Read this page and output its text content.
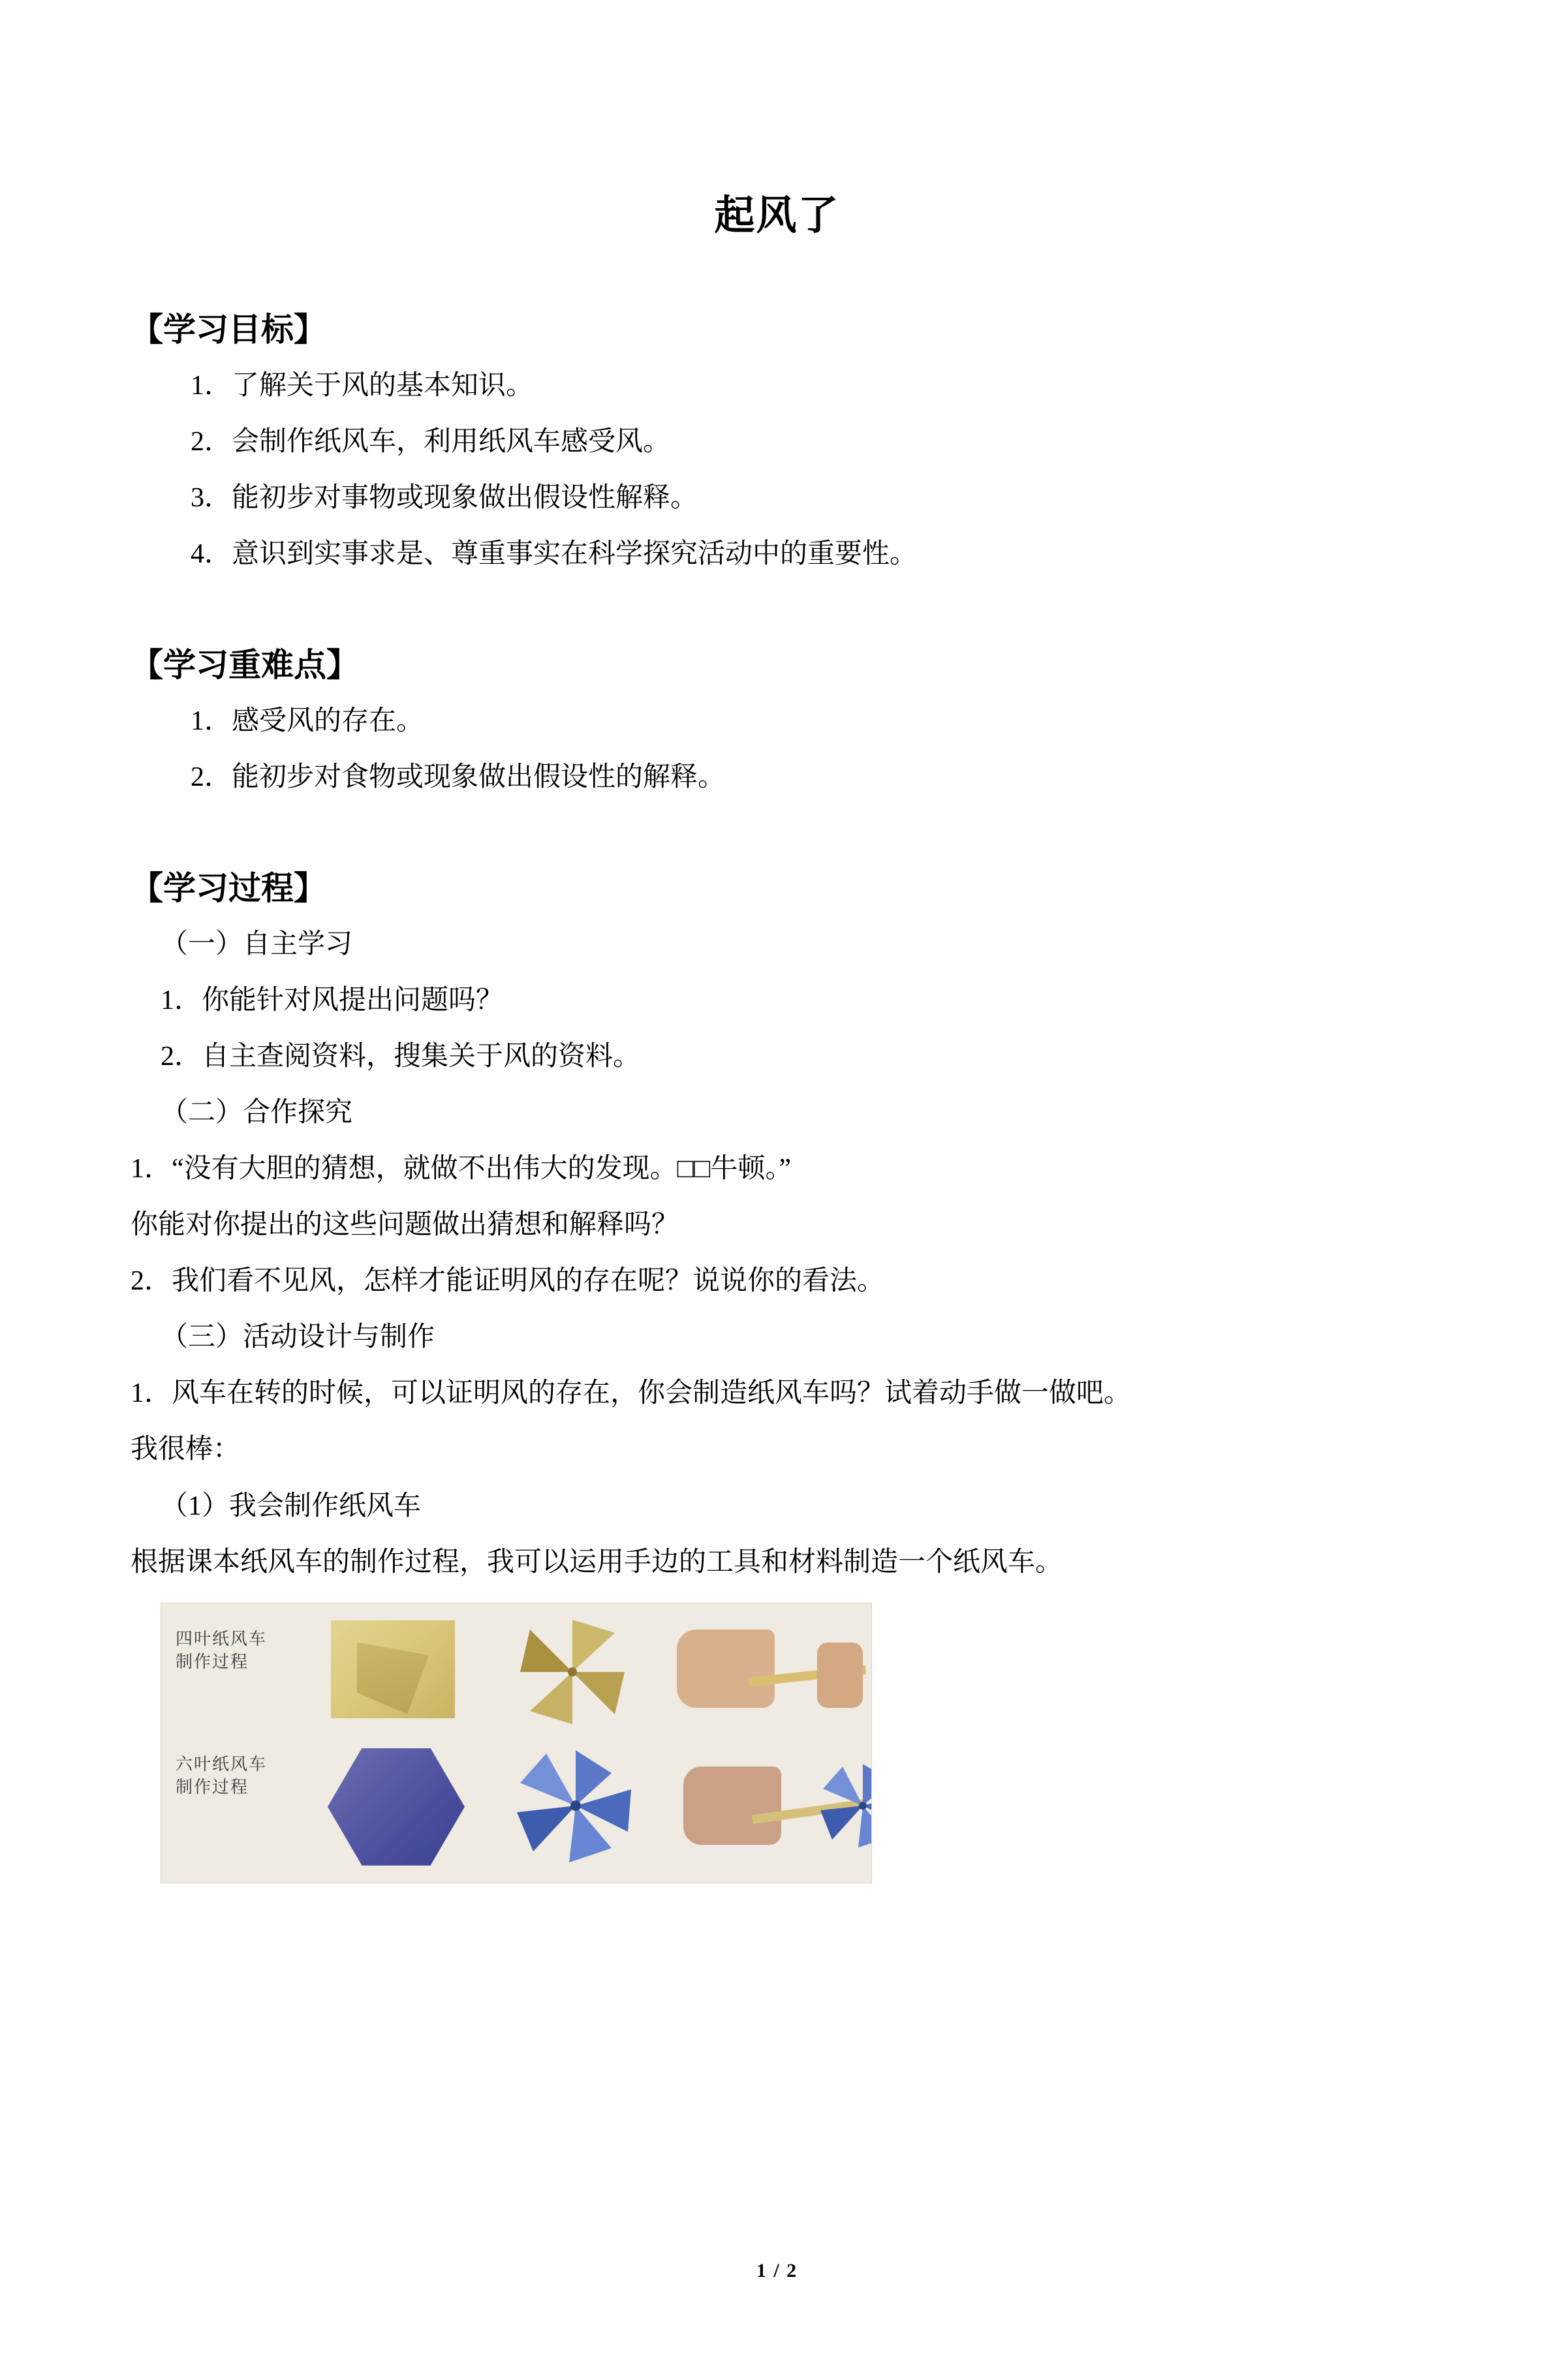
起风了
【学习目标】

1．了解关于风的基本知识。

2．会制作纸风车，利用纸风车感受风。

3．能初步对事物或现象做出假设性解释。

4．意识到实事求是、尊重事实在科学探究活动中的重要性。

【学习重难点】

1．感受风的存在。

2．能初步对食物或现象做出假设性的解释。

【学习过程】

（一）自主学习

1．你能针对风提出问题吗？

2．自主查阅资料，搜集关于风的资料。

（二）合作探究

1．“没有大胆的猜想，就做不出伟大的发现。□□牛顿。”

你能对你提出的这些问题做出猜想和解释吗？

2．我们看不见风，怎样才能证明风的存在呢？说说你的看法。

（三）活动设计与制作

1．风车在转的时候，可以证明风的存在，你会制造纸风车吗？试着动手做一做吧。

我很棒：

（1）我会制作纸风车

根据课本纸风车的制作过程，我可以运用手边的工具和材料制造一个纸风车。

四叶纸风车
制作过程
六叶纸风车
制作过程
1 / 2
